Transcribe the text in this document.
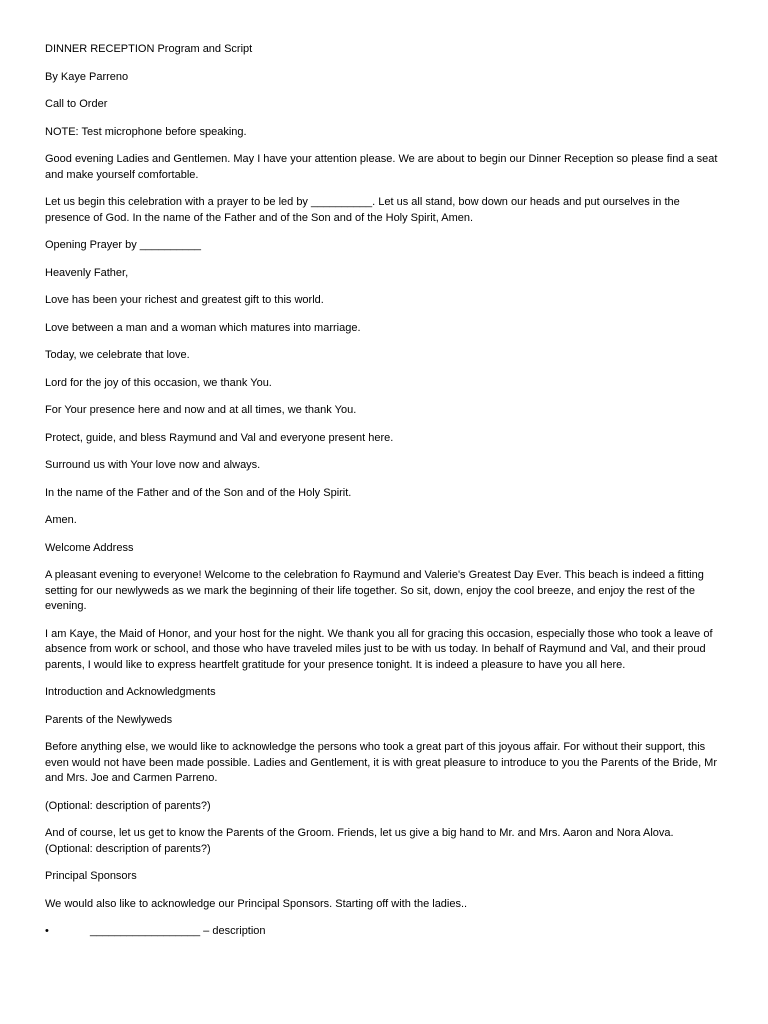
DINNER RECEPTION Program and Script

By Kaye Parreno

Call to Order

NOTE: Test microphone before speaking.

Good evening Ladies and Gentlemen. May I have your attention please. We are about to begin our Dinner Reception so please find a seat and make yourself comfortable.

Let us begin this celebration with a prayer to be led by __________. Let us all stand, bow down our heads and put ourselves in the presence of God. In the name of the Father and of the Son and of the Holy Spirit, Amen.

Opening Prayer by __________

Heavenly Father,

Love has been your richest and greatest gift to this world.

Love between a man and a woman which matures into marriage.

Today, we celebrate that love.

Lord for the joy of this occasion, we thank You.

For Your presence here and now and at all times, we thank You.

Protect, guide, and bless Raymund and Val and everyone present here.

Surround us with Your love now and always.

In the name of the Father and of the Son and of the Holy Spirit.

Amen.

Welcome Address

A pleasant evening to everyone! Welcome to the celebration fo Raymund and Valerie's Greatest Day Ever. This beach is indeed a fitting setting for our newlyweds as we mark the beginning of their life together. So sit, down, enjoy the cool breeze, and enjoy the rest of the evening.

I am Kaye, the Maid of Honor, and your host for the night. We thank you all for gracing this occasion, especially those who took a leave of absence from work or school, and those who have traveled miles just to be with us today. In behalf of Raymund and Val, and their proud parents, I would like to express heartfelt gratitude for your presence tonight. It is indeed a pleasure to have you all here.

Introduction and Acknowledgments

Parents of the Newlyweds

Before anything else, we would like to acknowledge the persons who took a great part of this joyous affair. For without their support, this even would not have been made possible. Ladies and Gentlement, it is with great pleasure to introduce to you the Parents of the Bride, Mr and Mrs. Joe and Carmen Parreno.

(Optional: description of parents?)

And of course, let us get to know the Parents of the Groom. Friends, let us give a big hand to Mr. and Mrs. Aaron and Nora Alova. (Optional: description of parents?)

Principal Sponsors

We would also like to acknowledge our Principal Sponsors. Starting off with the ladies..

•	__________________ – description
